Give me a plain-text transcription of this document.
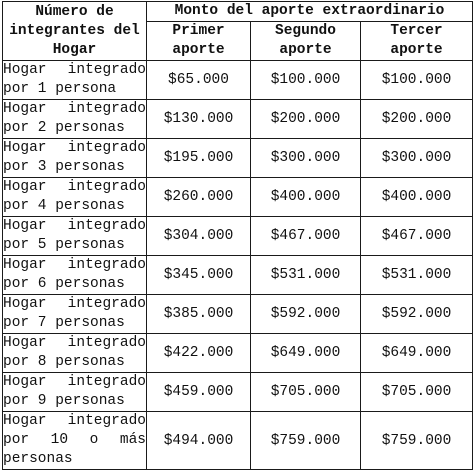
Número de integrantes del Hogar	Monto del aporte extraordinario		
	Primer aporte	Segundo aporte	Tercer aporte

Hogar integrado
por 1 persona	$65.000	$100.000	$100.000

Hogar integrado
por 2 personas	$130.000	$200.000	$200.000

Hogar integrado
por 3 personas	$195.000	$300.000	$300.000

Hogar integrado
por 4 personas	$260.000	$400.000	$400.000

Hogar integrado
por 5 personas	$304.000	$467.000	$467.000

Hogar integrado
por 6 personas	$345.000	$531.000	$531.000

Hogar integrado
por 7 personas	$385.000	$592.000	$592.000

Hogar integrado
por 8 personas	$422.000	$649.000	$649.000

Hogar integrado
por 9 personas	$459.000	$705.000	$705.000

Hogar integrado
por 10 o más
personas	$494.000	$759.000	$759.000
